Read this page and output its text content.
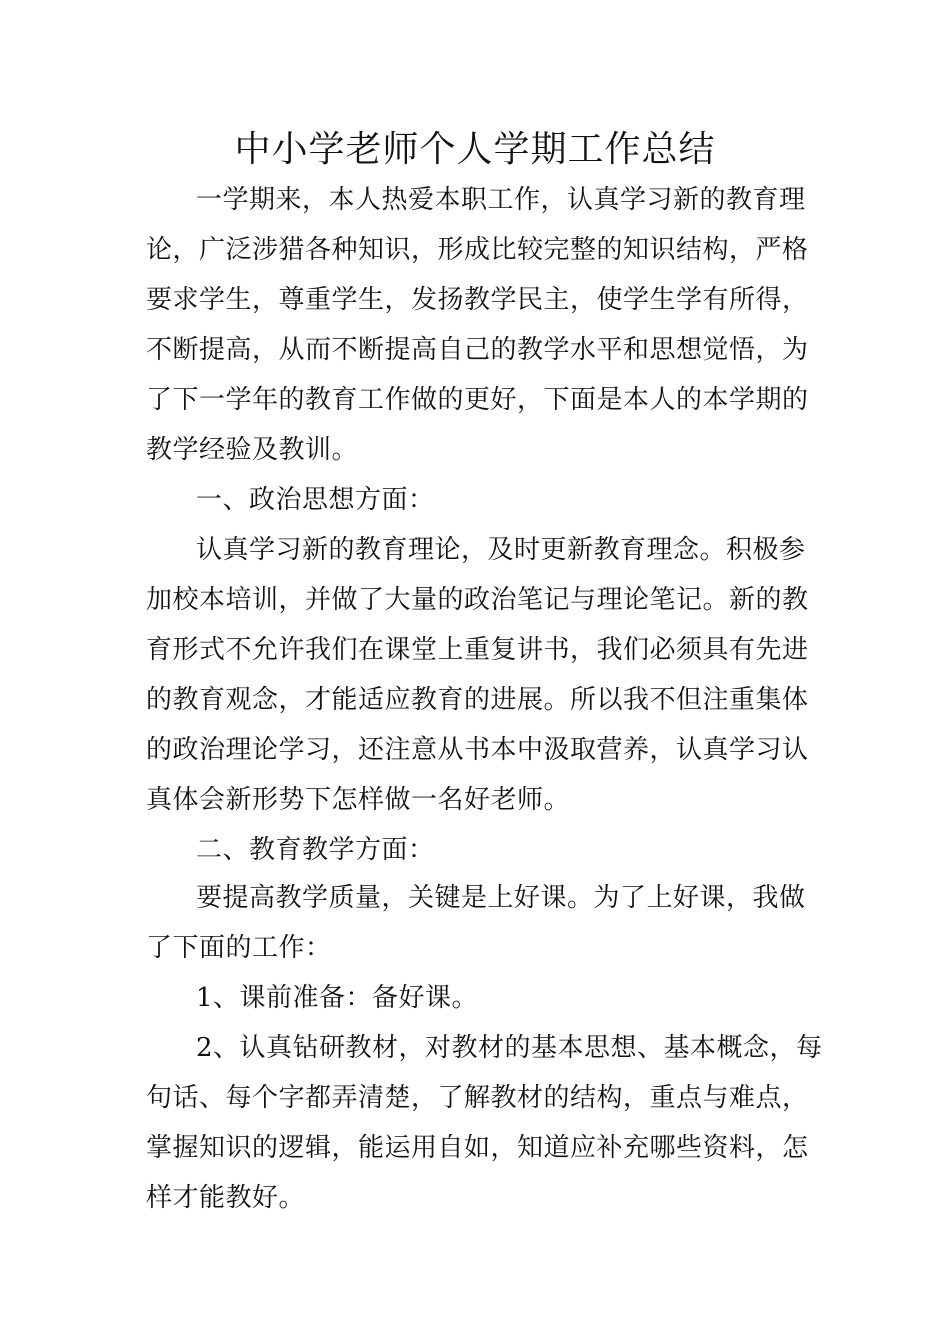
中小学老师个人学期工作总结

一学期来，本人热爱本职工作，认真学习新的教育理

论，广泛涉猎各种知识，形成比较完整的知识结构，严格

要求学生，尊重学生，发扬教学民主，使学生学有所得，

不断提高，从而不断提高自己的教学水平和思想觉悟，为

了下一学年的教育工作做的更好，下面是本人的本学期的

教学经验及教训。

一、政治思想方面：

认真学习新的教育理论，及时更新教育理念。积极参

加校本培训，并做了大量的政治笔记与理论笔记。新的教

育形式不允许我们在课堂上重复讲书，我们必须具有先进

的教育观念，才能适应教育的进展。所以我不但注重集体

的政治理论学习，还注意从书本中汲取营养，认真学习认

真体会新形势下怎样做一名好老师。

二、教育教学方面：

要提高教学质量，关键是上好课。为了上好课，我做

了下面的工作：

1、课前准备：备好课。

2、认真钻研教材，对教材的基本思想、基本概念，每

句话、每个字都弄清楚，了解教材的结构，重点与难点，

掌握知识的逻辑，能运用自如，知道应补充哪些资料，怎

样才能教好。
